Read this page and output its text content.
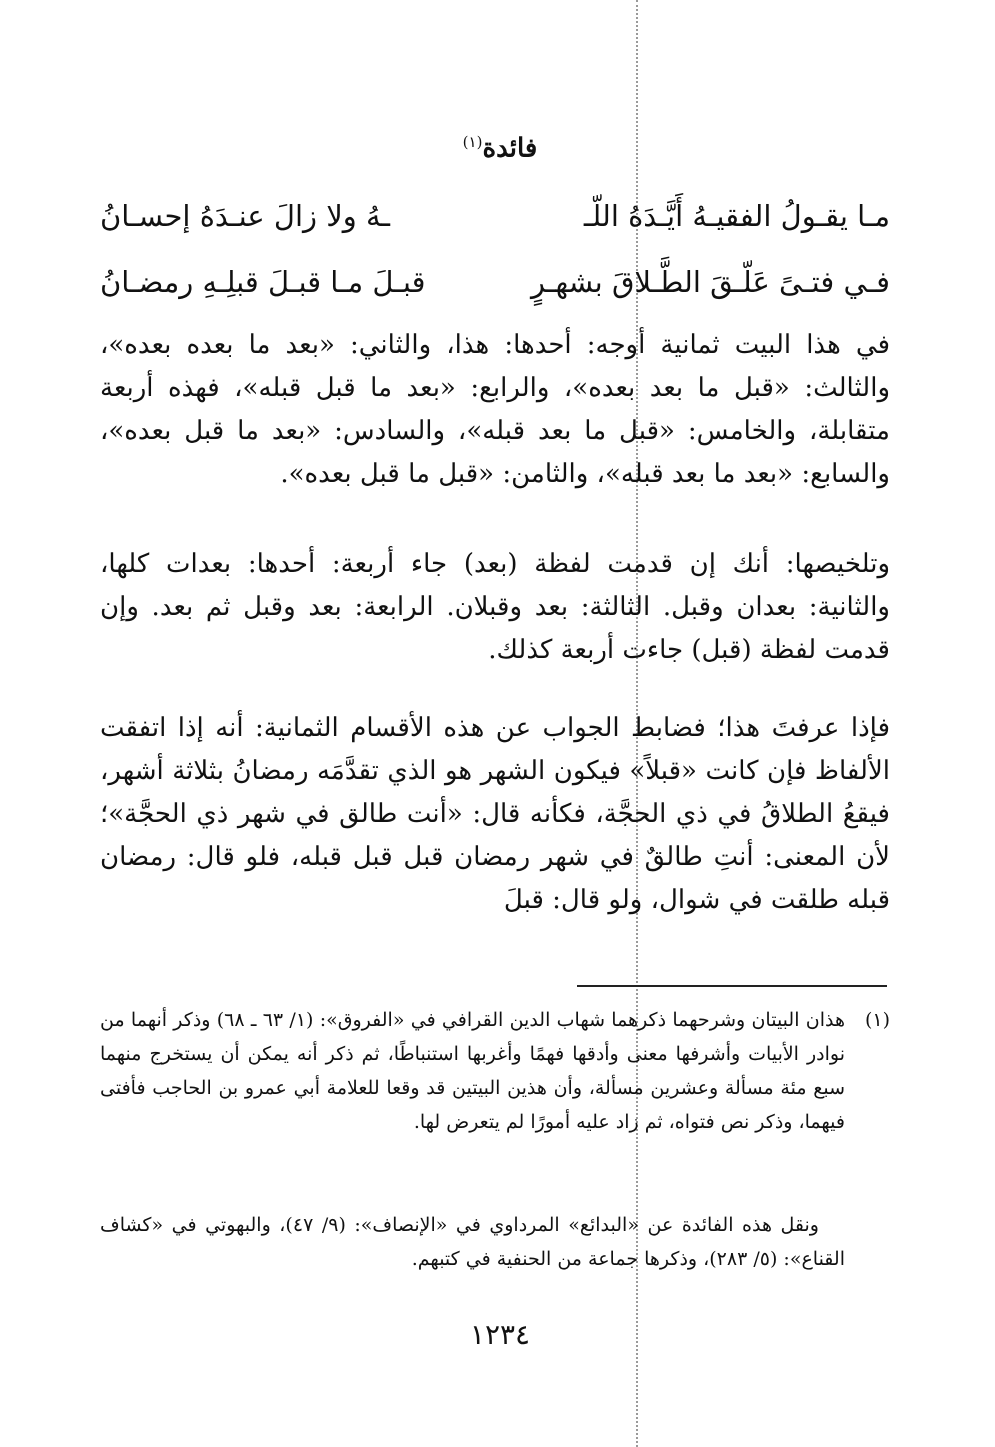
فائدة$^{(١)}$
مـا يقـولُ الفقيـهُ أَيَّـدَهُ اللّـ
ـهُ ولا زالَ عنـدَهُ إحسـانُ
فـي فتـىً عَلّـقَ الطَّـلاقَ بشهـرٍ
قبـلَ مـا قبـلَ قبلِـهِ رمضـانُ

في هذا البيت ثمانية أوجه: أحدها: هذا، والثاني: «بعد ما بعده بعده»، والثالث: «قبل ما بعد بعده»، والرابع: «بعد ما قبل قبله»، فهذه أربعة متقابلة، والخامس: «قبل ما بعد قبله»، والسادس: «بعد ما قبل بعده»، والسابع: «بعد ما بعد قبله»، والثامن: «قبل ما قبل بعده».

وتلخيصها: أنك إن قدمت لفظة (بعد) جاء أربعة: أحدها: بعدات كلها، والثانية: بعدان وقبل. الثالثة: بعد وقبلان. الرابعة: بعد وقبل ثم بعد. وإن قدمت لفظة (قبل) جاءت أربعة كذلك.

فإذا عرفتَ هذا؛ فضابط الجواب عن هذه الأقسام الثمانية: أنه إذا اتفقت الألفاظ فإن كانت «قبلاً» فيكون الشهر هو الذي تقدَّمَه رمضانُ بثلاثة أشهر، فيقعُ الطلاقُ في ذي الحجَّة، فكأنه قال: «أنت طالق في شهر ذي الحجَّة»؛ لأن المعنى: أنتِ طالقٌ في شهر رمضان قبل قبل قبله، فلو قال: رمضان قبله طلقت في شوال، ولو قال: قبلَ

(١)
هذان البيتان وشرحهما ذكرهما شهاب الدين القرافي في «الفروق»: (١/ ٦٣ ـ ٦٨) وذكر أنهما من نوادر الأبيات وأشرفها معنى وأدقها فهمًا وأغربها استنباطًا، ثم ذكر أنه يمكن أن يستخرج منهما سبع مئة مسألة وعشرين مسألة، وأن هذين البيتين قد وقعا للعلامة أبي عمرو بن الحاجب فأفتى فيهما، وذكر نص فتواه، ثم زاد عليه أمورًا لم يتعرض لها.
ونقل هذه الفائدة عن «البدائع» المرداوي في «الإنصاف»: (٩/ ٤٧)، والبهوتي في «كشاف القناع»: (٥/ ٢٨٣)، وذكرها جماعة من الحنفية في كتبهم.
١٢٣٤
